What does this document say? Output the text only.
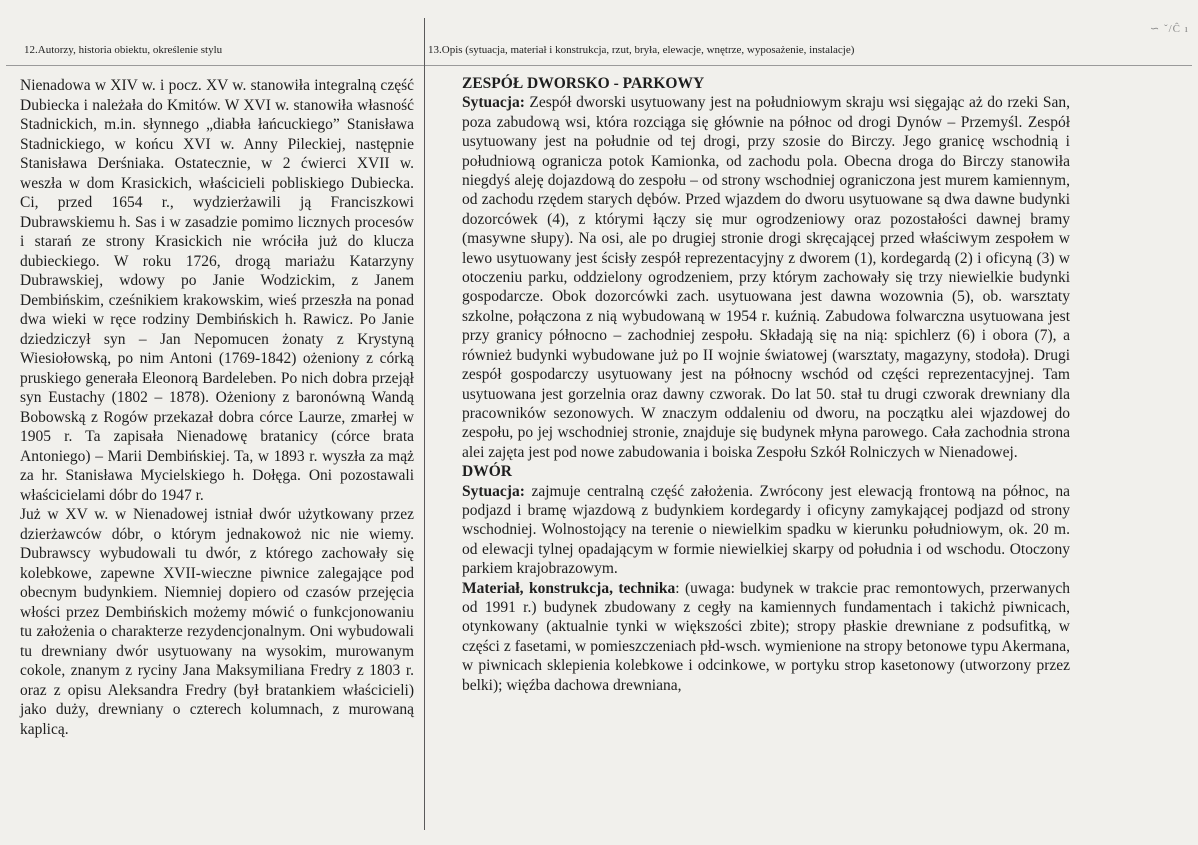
∽ ˇ/Ĉ ı
12.Autorzy, historia obiektu, określenie stylu	13.Opis (sytuacja, materiał i konstrukcja, rzut, bryła, elewacje, wnętrze, wyposażenie, instalacje)

Nienadowa w XIV w. i pocz. XV w. stanowiła integralną część Dubiecka i należała do Kmitów. W XVI w. stanowiła własność Stadnickich, m.in. słynnego „diabła łańcuckiego” Stanisława Stadnickiego, w końcu XVI w. Anny Pileckiej, następnie Stanisława Derśniaka. Ostatecznie, w 2 ćwierci XVII w. weszła w dom Krasickich, właścicieli pobliskiego Dubiecka. Ci, przed 1654 r., wydzierżawili ją Franciszkowi Dubrawskiemu h. Sas i w zasadzie pomimo licznych procesów i starań ze strony Krasickich nie wróciła już do klucza dubieckiego. W roku 1726, drogą mariażu Katarzyny Dubrawskiej, wdowy po Janie Wodzickim, z Janem Dembińskim, cześnikiem krakowskim, wieś przeszła na ponad dwa wieki w ręce rodziny Dembińskich h. Rawicz. Po Janie dziedziczył syn – Jan Nepomucen żonaty z Krystyną Wiesiołowską, po nim Antoni (1769-1842) ożeniony z córką pruskiego generała Eleonorą Bardeleben. Po nich dobra przejął syn Eustachy (1802 – 1878). Ożeniony z baronówną Wandą Bobowską z Rogów przekazał dobra córce Laurze, zmarłej w 1905 r. Ta zapisała Nienadowę bratanicy (córce brata Antoniego) – Marii Dembińskiej. Ta, w 1893 r. wyszła za mąż za hr. Stanisława Mycielskiego h. Dołęga. Oni pozostawali właścicielami dóbr do 1947 r.

Już w XV w. w Nienadowej istniał dwór użytkowany przez dzierżawców dóbr, o którym jednakowoż nic nie wiemy. Dubrawscy wybudowali tu dwór, z którego zachowały się kolebkowe, zapewne XVII-wieczne piwnice zalegające pod obecnym budynkiem. Niemniej dopiero od czasów przejęcia włości przez Dembińskich możemy mówić o funkcjonowaniu tu założenia o charakterze rezydencjonalnym. Oni wybudowali tu drewniany dwór usytuowany na wysokim, murowanym cokole, znanym z ryciny Jana Maksymiliana Fredry z 1803 r. oraz z opisu Aleksandra Fredry (był bratankiem właścicieli) jako duży, drewniany o czterech kolumnach, z murowaną kaplicą.

ZESPÓŁ DWORSKO - PARKOWY

Sytuacja: Zespół dworski usytuowany jest na południowym skraju wsi sięgając aż do rzeki San, poza zabudową wsi, która rozciąga się głównie na północ od drogi Dynów – Przemyśl. Zespół usytuowany jest na południe od tej drogi, przy szosie do Birczy. Jego granicę wschodnią i południową ogranicza potok Kamionka, od zachodu pola. Obecna droga do Birczy stanowiła niegdyś aleję dojazdową do zespołu – od strony wschodniej ograniczona jest murem kamiennym, od zachodu rzędem starych dębów. Przed wjazdem do dworu usytuowane są dwa dawne budynki dozorcówek (4), z którymi łączy się mur ogrodzeniowy oraz pozostałości dawnej bramy (masywne słupy). Na osi, ale po drugiej stronie drogi skręcającej przed właściwym zespołem w lewo usytuowany jest ścisły zespół reprezentacyjny z dworem (1), kordegardą (2) i oficyną (3) w otoczeniu parku, oddzielony ogrodzeniem, przy którym zachowały się trzy niewielkie budynki gospodarcze. Obok dozorcówki zach. usytuowana jest dawna wozownia (5), ob. warsztaty szkolne, połączona z nią wybudowaną w 1954 r. kuźnią. Zabudowa folwarczna usytuowana jest przy granicy północno – zachodniej zespołu. Składają się na nią: spichlerz (6) i obora (7), a również budynki wybudowane już po II wojnie światowej (warsztaty, magazyny, stodoła). Drugi zespół gospodarczy usytuowany jest na północny wschód od części reprezentacyjnej. Tam usytuowana jest gorzelnia oraz dawny czworak. Do lat 50. stał tu drugi czworak drewniany dla pracowników sezonowych. W znaczym oddaleniu od dworu, na początku alei wjazdowej do zespołu, po jej wschodniej stronie, znajduje się budynek młyna parowego. Cała zachodnia strona alei zajęta jest pod nowe zabudowania i boiska Zespołu Szkół Rolniczych w Nienadowej.

DWÓR

Sytuacja: zajmuje centralną część założenia. Zwrócony jest elewacją frontową na północ, na podjazd i bramę wjazdową z budynkiem kordegardy i oficyny zamykającej podjazd od strony wschodniej. Wolnostojący na terenie o niewielkim spadku w kierunku południowym, ok. 20 m. od elewacji tylnej opadającym w formie niewielkiej skarpy od południa i od wschodu. Otoczony parkiem krajobrazowym.

Materiał, konstrukcja, technika: (uwaga: budynek w trakcie prac remontowych, przerwanych od 1991 r.) budynek zbudowany z cegły na kamiennych fundamentach i takichż piwnicach, otynkowany (aktualnie tynki w większości zbite); stropy płaskie drewniane z podsufitką, w części z fasetami, w pomieszczeniach płd-wsch. wymienione na stropy betonowe typu Akermana, w piwnicach sklepienia kolebkowe i odcinkowe, w portyku strop kasetonowy (utworzony przez belki); więźba dachowa drewniana,
